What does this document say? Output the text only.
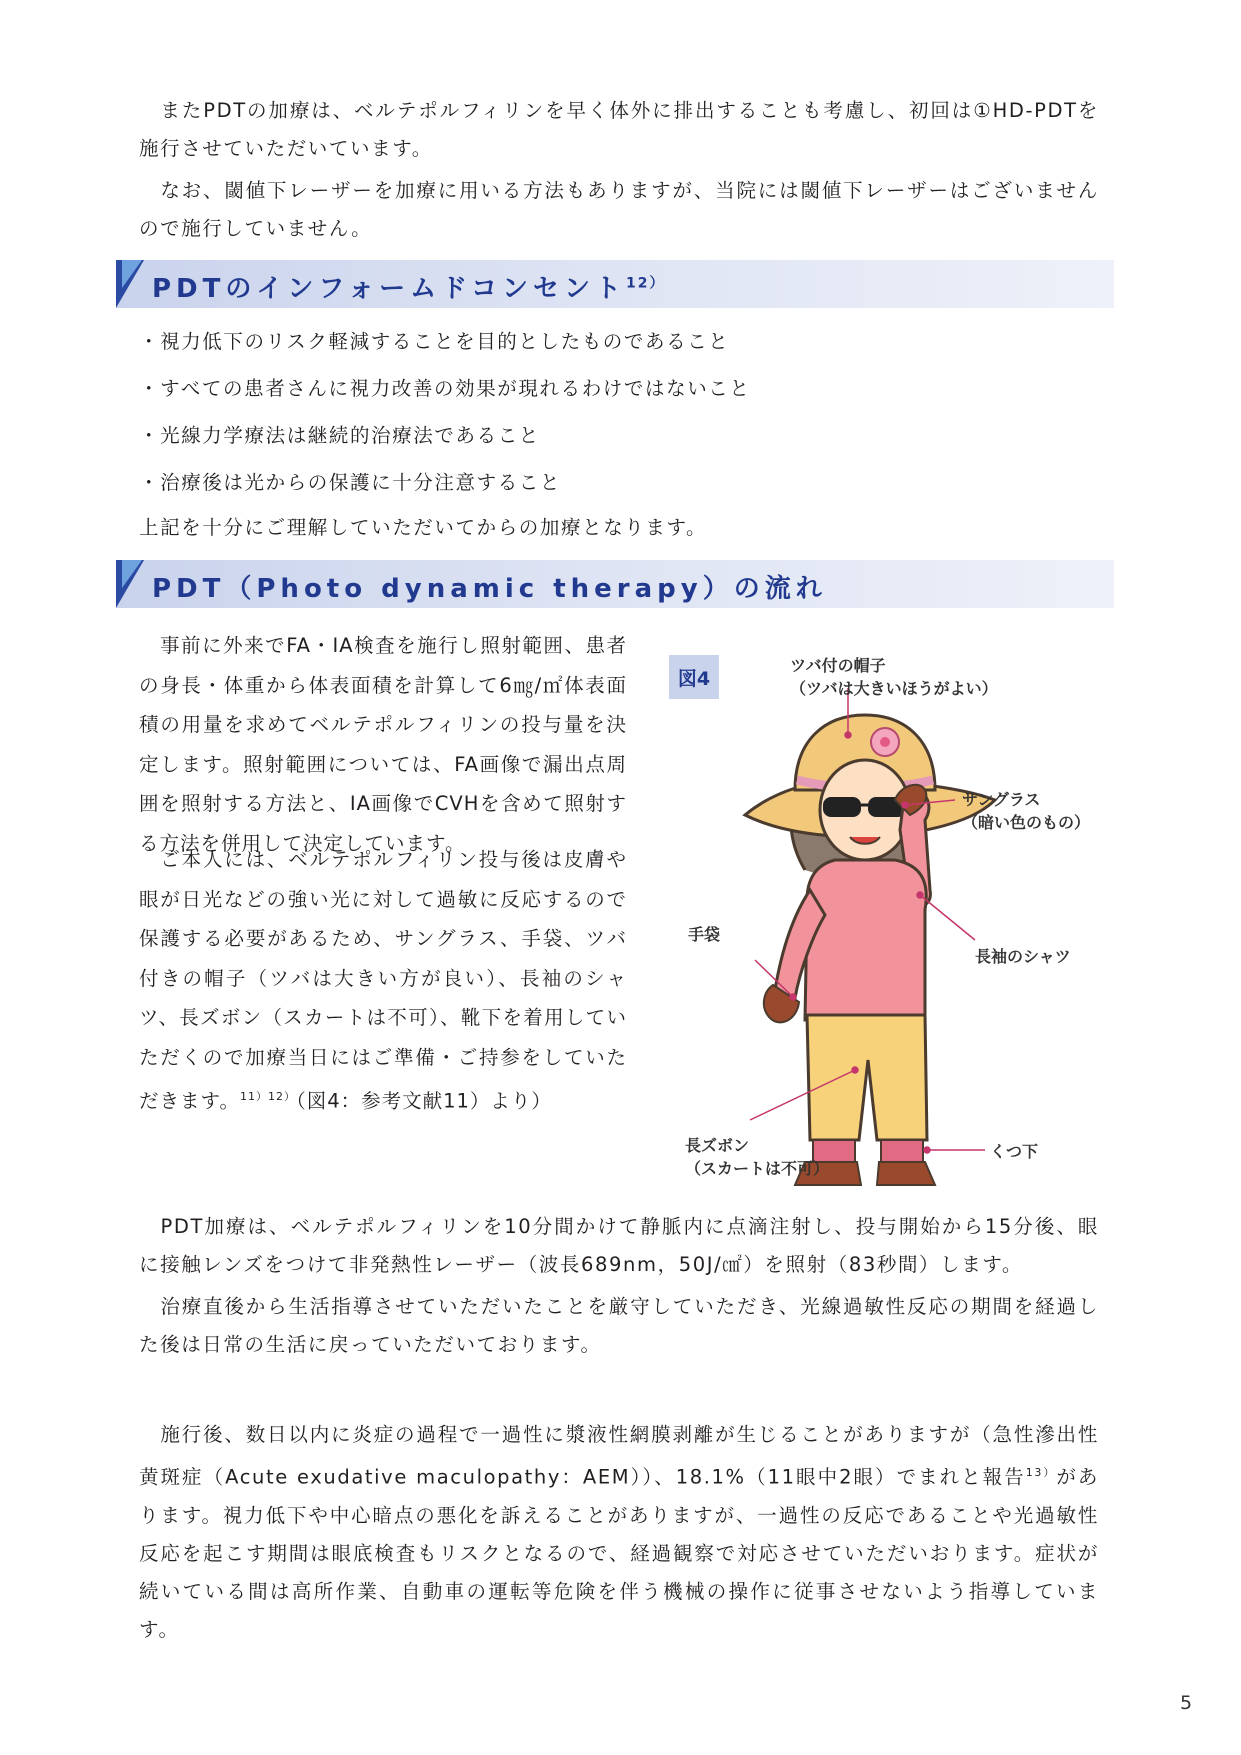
　またPDTの加療は、ベルテポルフィリンを早く体外に排出することも考慮し、初回は①HD-PDTを施行させていただいています。

　なお、閾値下レーザーを加療に用いる方法もありますが、当院には閾値下レーザーはございませんので施行していません。

PDTのインフォームドコンセント$^{12)}$

・視力低下のリスク軽減することを目的としたものであること

・すべての患者さんに視力改善の効果が現れるわけではないこと

・光線力学療法は継続的治療法であること

・治療後は光からの保護に十分注意すること

上記を十分にご理解していただいてからの加療となります。

PDT（Photo dynamic therapy）の流れ

　事前に外来でFA・IA検査を施行し照射範囲、患者の身長・体重から体表面積を計算して6㎎/㎡体表面積の用量を求めてベルテポルフィリンの投与量を決定します。照射範囲については、FA画像で漏出点周囲を照射する方法と、IA画像でCVHを含めて照射する方法を併用して決定しています。

　ご本人には、ベルテポルフィリン投与後は皮膚や眼が日光などの強い光に対して過敏に反応するので保護する必要があるため、サングラス、手袋、ツバ付きの帽子（ツバは大きい方が良い）、長袖のシャツ、長ズボン（スカートは不可）、靴下を着用していただくので加療当日にはご準備・ご持参をしていただきます。$^{11)12)}$（図4：参考文献11）より）

図4
ツバ付の帽子
（ツバは大きいほうがよい）
サングラス
（暗い色のもの）
手袋
長袖のシャツ
長ズボン
（スカートは不可）
くつ下

　PDT加療は、ベルテポルフィリンを10分間かけて静脈内に点滴注射し、投与開始から15分後、眼に接触レンズをつけて非発熱性レーザー（波長689nm，50J/㎠）を照射（83秒間）します。

　治療直後から生活指導させていただいたことを厳守していただき、光線過敏性反応の期間を経過した後は日常の生活に戻っていただいております。

　施行後、数日以内に炎症の過程で一過性に漿液性網膜剥離が生じることがありますが（急性滲出性黄斑症（Acute exudative maculopathy：AEM））、18.1%（11眼中2眼）でまれと報告$^{13)}$があります。視力低下や中心暗点の悪化を訴えることがありますが、一過性の反応であることや光過敏性反応を起こす期間は眼底検査もリスクとなるので、経過観察で対応させていただいおります。症状が続いている間は高所作業、自動車の運転等危険を伴う機械の操作に従事させないよう指導しています。

5
